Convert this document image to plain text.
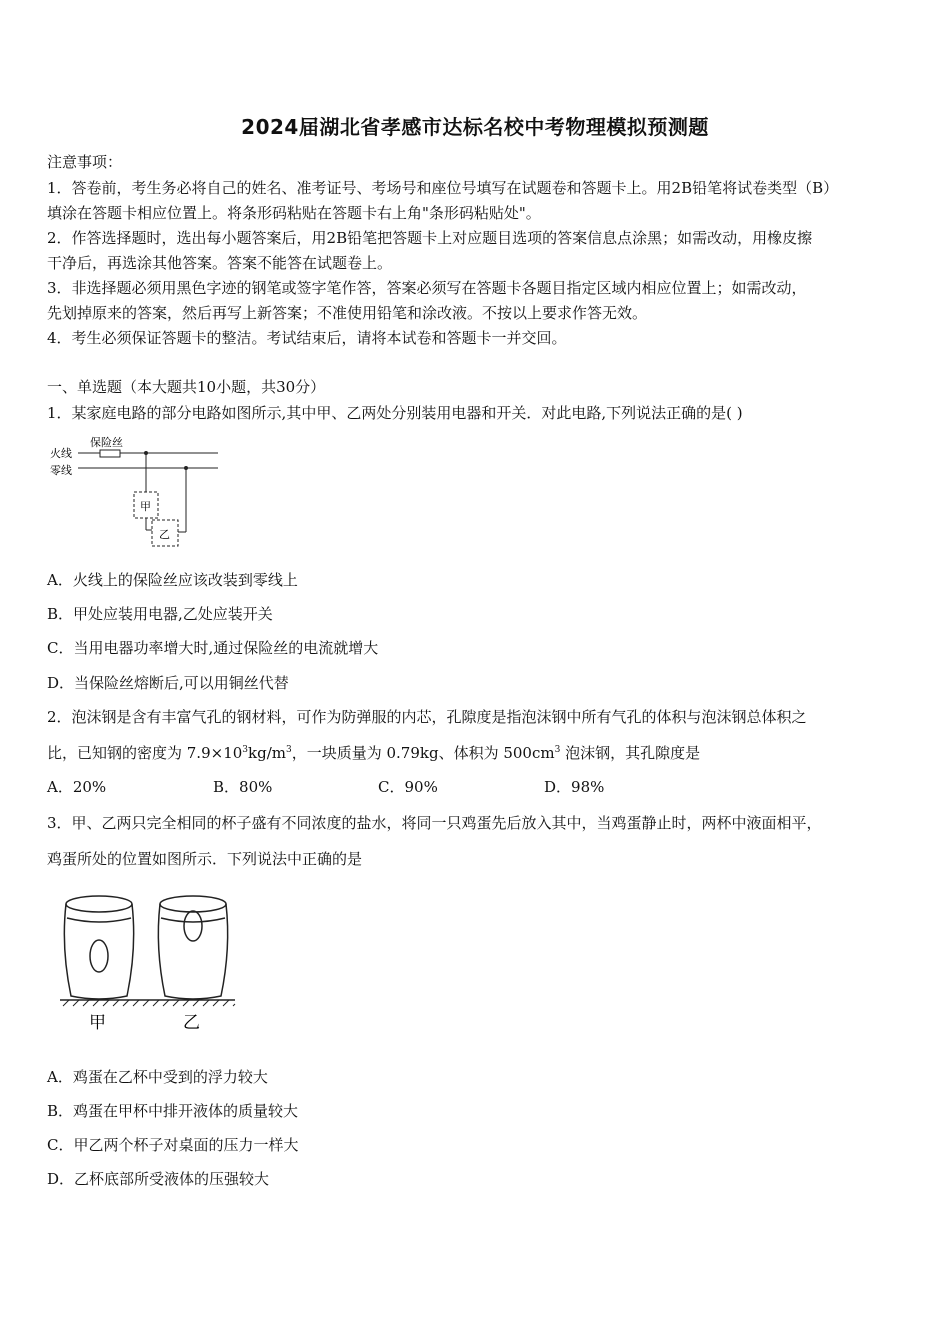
2024届湖北省孝感市达标名校中考物理模拟预测题
注意事项：
1．答卷前，考生务必将自己的姓名、准考证号、考场号和座位号填写在试题卷和答题卡上。用2B铅笔将试卷类型（B）
填涂在答题卡相应位置上。将条形码粘贴在答题卡右上角"条形码粘贴处"。
2．作答选择题时，选出每小题答案后，用2B铅笔把答题卡上对应题目选项的答案信息点涂黑；如需改动，用橡皮擦
干净后，再选涂其他答案。答案不能答在试题卷上。
3．非选择题必须用黑色字迹的钢笔或签字笔作答，答案必须写在答题卡各题目指定区域内相应位置上；如需改动，
先划掉原来的答案，然后再写上新答案；不准使用铅笔和涂改液。不按以上要求作答无效。
4．考生必须保证答题卡的整洁。考试结束后，请将本试卷和答题卡一并交回。
一、单选题（本大题共10小题，共30分）
1．某家庭电路的部分电路如图所示,其中甲、乙两处分别装用电器和开关．对此电路,下列说法正确的是( )
火线
零线
保险丝
甲
乙
A．火线上的保险丝应该改装到零线上
B．甲处应装用电器,乙处应装开关
C．当用电器功率增大时,通过保险丝的电流就增大
D．当保险丝熔断后,可以用铜丝代替
2．泡沫钢是含有丰富气孔的钢材料，可作为防弹服的内芯，孔隙度是指泡沫钢中所有气孔的体积与泡沫钢总体积之
比，已知钢的密度为 $7.9\times 10^3kg/m^3$，一块质量为 0.79kg、体积为 $500cm^3$ 泡沫钢，其孔隙度是
A．20%	B．80%	C．90%	D．98%
3．甲、乙两只完全相同的杯子盛有不同浓度的盐水，将同一只鸡蛋先后放入其中，当鸡蛋静止时，两杯中液面相平，
鸡蛋所处的位置如图所示．下列说法中正确的是
甲	乙
A．鸡蛋在乙杯中受到的浮力较大
B．鸡蛋在甲杯中排开液体的质量较大
C．甲乙两个杯子对桌面的压力一样大
D．乙杯底部所受液体的压强较大
